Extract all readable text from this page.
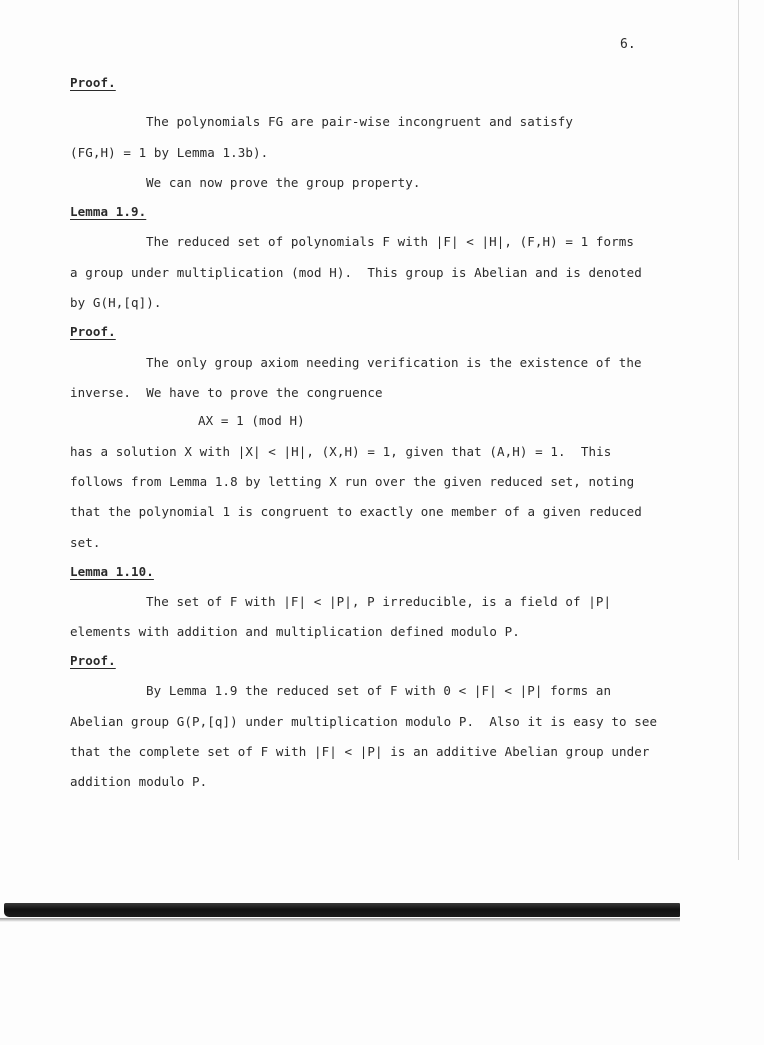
6.
Proof.
The polynomials FG are pair-wise incongruent and satisfy
(FG,H) = 1 by Lemma 1.3b).
We can now prove the group property.
Lemma 1.9.
The reduced set of polynomials F with |F| < |H|, (F,H) = 1 forms
a group under multiplication (mod H).  This group is Abelian and is denoted
by G(H,[q]).
Proof.
The only group axiom needing verification is the existence of the
inverse.  We have to prove the congruence
AX = 1 (mod H)
has a solution X with |X| < |H|, (X,H) = 1, given that (A,H) = 1.  This
follows from Lemma 1.8 by letting X run over the given reduced set, noting
that the polynomial 1 is congruent to exactly one member of a given reduced
set.
Lemma 1.10.
The set of F with |F| < |P|, P irreducible, is a field of |P|
elements with addition and multiplication defined modulo P.
Proof.
By Lemma 1.9 the reduced set of F with 0 < |F| < |P| forms an
Abelian group G(P,[q]) under multiplication modulo P.  Also it is easy to see
that the complete set of F with |F| < |P| is an additive Abelian group under
addition modulo P.
